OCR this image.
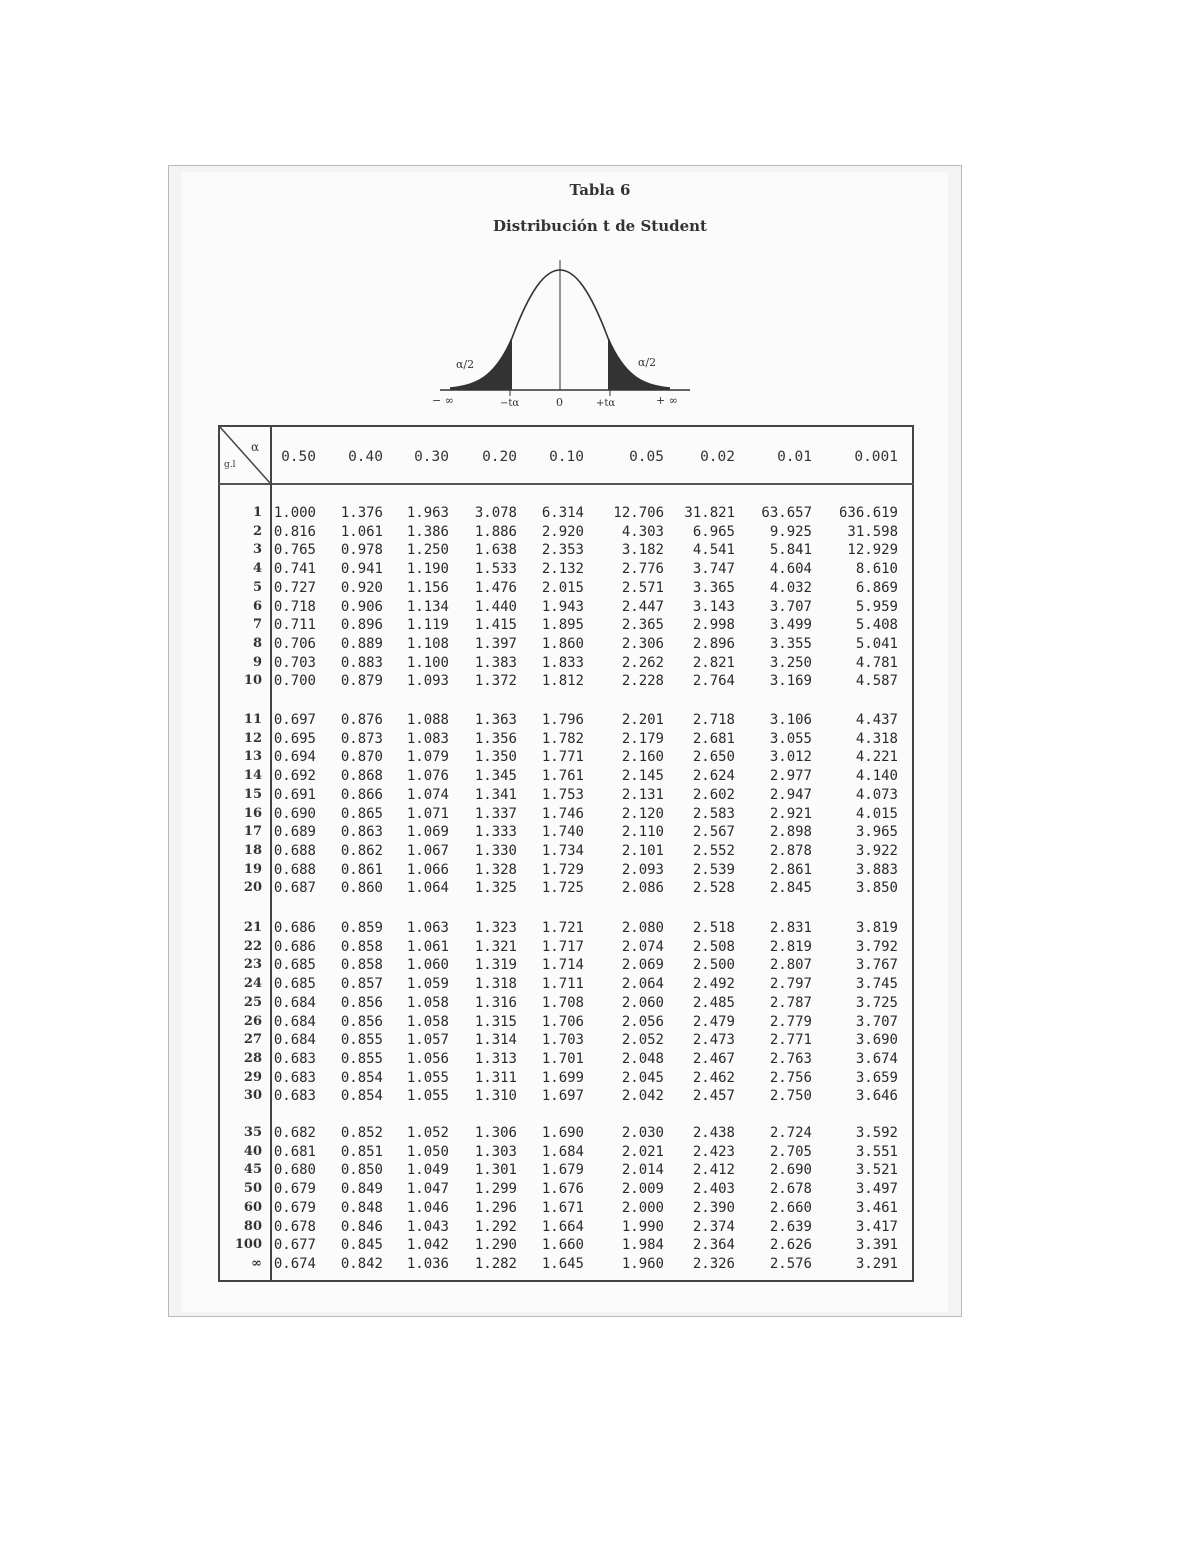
Tabla 6
Distribución t de Student
α/2	α/2
− ∞	−tα	0	+tα	+ ∞
α
g.l	0.50	0.40	0.30	0.20	0.10	0.05	0.02	0.01	0.001
1 1.000	1.376	1.963	3.078	6.314	12.706	31.821	63.657	636.619
2 0.816	1.061	1.386	1.886	2.920	4.303	6.965	9.925	31.598
3 0.765	0.978	1.250	1.638	2.353	3.182	4.541	5.841	12.929
4 0.741	0.941	1.190	1.533	2.132	2.776	3.747	4.604	8.610
5 0.727	0.920	1.156	1.476	2.015	2.571	3.365	4.032	6.869
6 0.718	0.906	1.134	1.440	1.943	2.447	3.143	3.707	5.959
7 0.711	0.896	1.119	1.415	1.895	2.365	2.998	3.499	5.408
8 0.706	0.889	1.108	1.397	1.860	2.306	2.896	3.355	5.041
9 0.703	0.883	1.100	1.383	1.833	2.262	2.821	3.250	4.781
10 0.700	0.879	1.093	1.372	1.812	2.228	2.764	3.169	4.587
11 0.697	0.876	1.088	1.363	1.796	2.201	2.718	3.106	4.437
12 0.695	0.873	1.083	1.356	1.782	2.179	2.681	3.055	4.318
13 0.694	0.870	1.079	1.350	1.771	2.160	2.650	3.012	4.221
14 0.692	0.868	1.076	1.345	1.761	2.145	2.624	2.977	4.140
15 0.691	0.866	1.074	1.341	1.753	2.131	2.602	2.947	4.073
16 0.690	0.865	1.071	1.337	1.746	2.120	2.583	2.921	4.015
17 0.689	0.863	1.069	1.333	1.740	2.110	2.567	2.898	3.965
18 0.688	0.862	1.067	1.330	1.734	2.101	2.552	2.878	3.922
19 0.688	0.861	1.066	1.328	1.729	2.093	2.539	2.861	3.883
20 0.687	0.860	1.064	1.325	1.725	2.086	2.528	2.845	3.850
21 0.686	0.859	1.063	1.323	1.721	2.080	2.518	2.831	3.819
22 0.686	0.858	1.061	1.321	1.717	2.074	2.508	2.819	3.792
23 0.685	0.858	1.060	1.319	1.714	2.069	2.500	2.807	3.767
24 0.685	0.857	1.059	1.318	1.711	2.064	2.492	2.797	3.745
25 0.684	0.856	1.058	1.316	1.708	2.060	2.485	2.787	3.725
26 0.684	0.856	1.058	1.315	1.706	2.056	2.479	2.779	3.707
27 0.684	0.855	1.057	1.314	1.703	2.052	2.473	2.771	3.690
28 0.683	0.855	1.056	1.313	1.701	2.048	2.467	2.763	3.674
29 0.683	0.854	1.055	1.311	1.699	2.045	2.462	2.756	3.659
30 0.683	0.854	1.055	1.310	1.697	2.042	2.457	2.750	3.646
35 0.682	0.852	1.052	1.306	1.690	2.030	2.438	2.724	3.592
40 0.681	0.851	1.050	1.303	1.684	2.021	2.423	2.705	3.551
45 0.680	0.850	1.049	1.301	1.679	2.014	2.412	2.690	3.521
50 0.679	0.849	1.047	1.299	1.676	2.009	2.403	2.678	3.497
60 0.679	0.848	1.046	1.296	1.671	2.000	2.390	2.660	3.461
80 0.678	0.846	1.043	1.292	1.664	1.990	2.374	2.639	3.417
100 0.677	0.845	1.042	1.290	1.660	1.984	2.364	2.626	3.391
∞ 0.674	0.842	1.036	1.282	1.645	1.960	2.326	2.576	3.291
